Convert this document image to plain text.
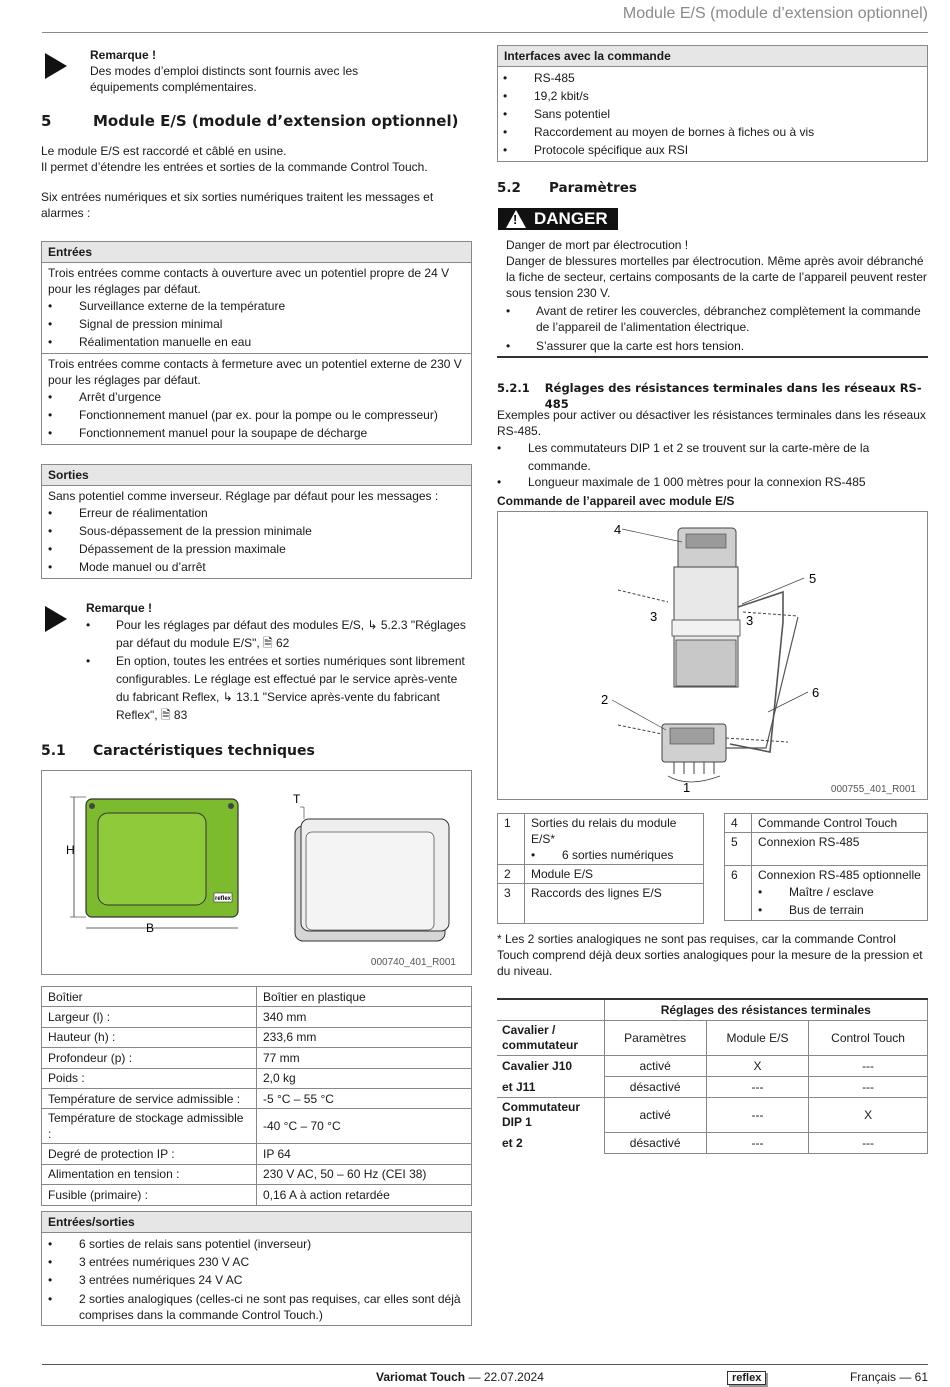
Module E/S (module d’extension optionnel)
Remarque !
Des modes d’emploi distincts sont fournis avec les équipements complémentaires.
5	Module E/S (module d’extension optionnel)
Le module E/S est raccordé et câblé en usine.
Il permet d’étendre les entrées et sorties de la commande Control Touch.
Six entrées numériques et six sorties numériques traitent les messages et alarmes :
Entrées
Trois entrées comme contacts à ouverture avec un potentiel propre de 24 V pour les réglages par défaut.
•	Surveillance externe de la température
•	Signal de pression minimal
•	Réalimentation manuelle en eau
Trois entrées comme contacts à fermeture avec un potentiel externe de 230 V pour les réglages par défaut.
•	Arrêt d’urgence
•	Fonctionnement manuel (par ex. pour la pompe ou le compresseur)
•	Fonctionnement manuel pour la soupape de décharge
Sorties
Sans potentiel comme inverseur. Réglage par défaut pour les messages :
•	Erreur de réalimentation
•	Sous-dépassement de la pression minimale
•	Dépassement de la pression maximale
•	Mode manuel ou d’arrêt
Remarque !
•	Pour les réglages par défaut des modules E/S, ↳ 5.2.3 "Réglages par défaut du module E/S", 🗎 62
•	En option, toutes les entrées et sorties numériques sont librement configurables. Le réglage est effectué par le service après-vente du fabricant Reflex, ↳ 13.1 "Service après-vente du fabricant Reflex", 🗎 83
5.1	Caractéristiques techniques
reflex
H
B
T
000740_401_R001
Boîtier	Boîtier en plastique
Largeur (l) :	340 mm
Hauteur (h) :	233,6 mm
Profondeur (p) :	77 mm
Poids :	2,0 kg
Température de service admissible :	-5 °C – 55 °C
Température de stockage admissible :	-40 °C – 70 °C
Degré de protection IP :	IP 64
Alimentation en tension :	230 V AC, 50 – 60 Hz (CEI 38)
Fusible (primaire) :	0,16 A à action retardée
Entrées/sorties
•	6 sorties de relais sans potentiel (inverseur)
•	3 entrées numériques 230 V AC
•	3 entrées numériques 24 V AC
•	2 sorties analogiques (celles-ci ne sont pas requises, car elles sont déjà comprises dans la commande Control Touch.)
Interfaces avec la commande
•	RS-485
•	19,2 kbit/s
•	Sans potentiel
•	Raccordement au moyen de bornes à fiches ou à vis
•	Protocole spécifique aux RSI
5.2	Paramètres
!
DANGER
Danger de mort par électrocution !
Danger de blessures mortelles par électrocution. Même après avoir débranché la fiche de secteur, certains composants de la carte de l’appareil peuvent rester sous tension 230 V.
•	Avant de retirer les couvercles, débranchez complètement la commande de l’appareil de l’alimentation électrique.
•	S’assurer que la carte est hors tension.
5.2.1	Réglages des résistances terminales dans les réseaux RS-485
Exemples pour activer ou désactiver les résistances terminales dans les réseaux RS-485.
•	Les commutateurs DIP 1 et 2 se trouvent sur la carte-mère de la commande.
•	Longueur maximale de 1 000 mètres pour la connexion RS-485
Commande de l’appareil avec module E/S
4
5
3	3
2	6
1	000755_401_R001
1	Sorties du relais du module E/S*
• 6 sorties numériques

2	Module E/S
3	Raccords des lignes E/S
4	Commande Control Touch
5	Connexion RS-485
6	Connexion RS-485 optionnelle
• Maître / esclave
• Bus de terrain
* Les 2 sorties analogiques ne sont pas requises, car la commande Control Touch comprend déjà deux sorties analogiques pour la mesure de la pression et du niveau.
	Réglages des résistances terminales		
Cavalier / commutateur	Paramètres	Module E/S	Control Touch
Cavalier J10	activé	X	---
et J11	désactivé	---	---
Commutateur DIP 1	activé	---	X
et 2	désactivé	---	---
Variomat Touch — 22.07.2024	reflex	Français — 61
